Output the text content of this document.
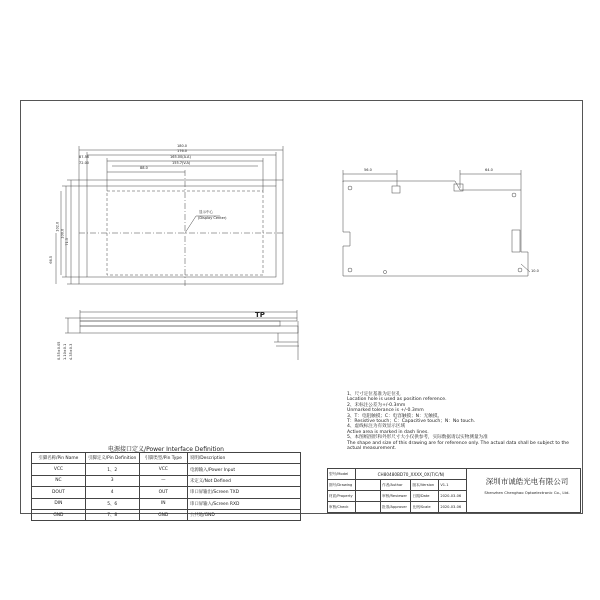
180.0
176.0
165.00(A.A)
155.7(V.A)
88.0
87.56
72.00
102.0
100.0
71.5
66.5
显示中心
(Display Center)
56.0	64.0
10.0
TP
0.55±0.05 1.10±0.1 4.35±0.3
1、尺寸定位基准为定位孔
Location hole is used as position reference.
2、未标注公差为+/-0.3mm
Unmarked tolerance is +/-0.3mm
3、T：电阻触摸；C：电容触摸；N：无触摸。
T：Resistive touch；C：Capacitive touch；N：No touch.
4、虚线标注为有效显示区域
Active area is marked in dash lines.
5、本图纸图形和外形尺寸大小仅供参考，实际数据请以实物测量为准
The shape and size of this drawing are for reference only. The actual data shall be subject to the
actual measurement.
电源接口定义/Power Interface Definition
引脚名称/Pin Name	引脚定义/Pin Definition	引脚类型/Pin Type	说明/Description
VCC	1、2	VCC	电源输入/Power Input
NC	3	—	未定义/Not Defined
DOUT	4	OUT	串口屏输出/Screen TXD
DIN	5、6	IN	串口屏输入/Screen RXD
GND	7、8	GND	公共地/GND
型号/Model	CH80480BD70_XXXX_0X(T/C/N)				
图号/Drawing		作者/Author	版本/Version	V1.1	
材质/Property		审核/Reviewer	日期/Date	2020-03-06	
审核/Check		批准/Approver	比例/Scale	2020-03-06	
深圳市诚皓光电有限公司
Shenzhen Chenghao Optoelectronic Co., Ltd.
